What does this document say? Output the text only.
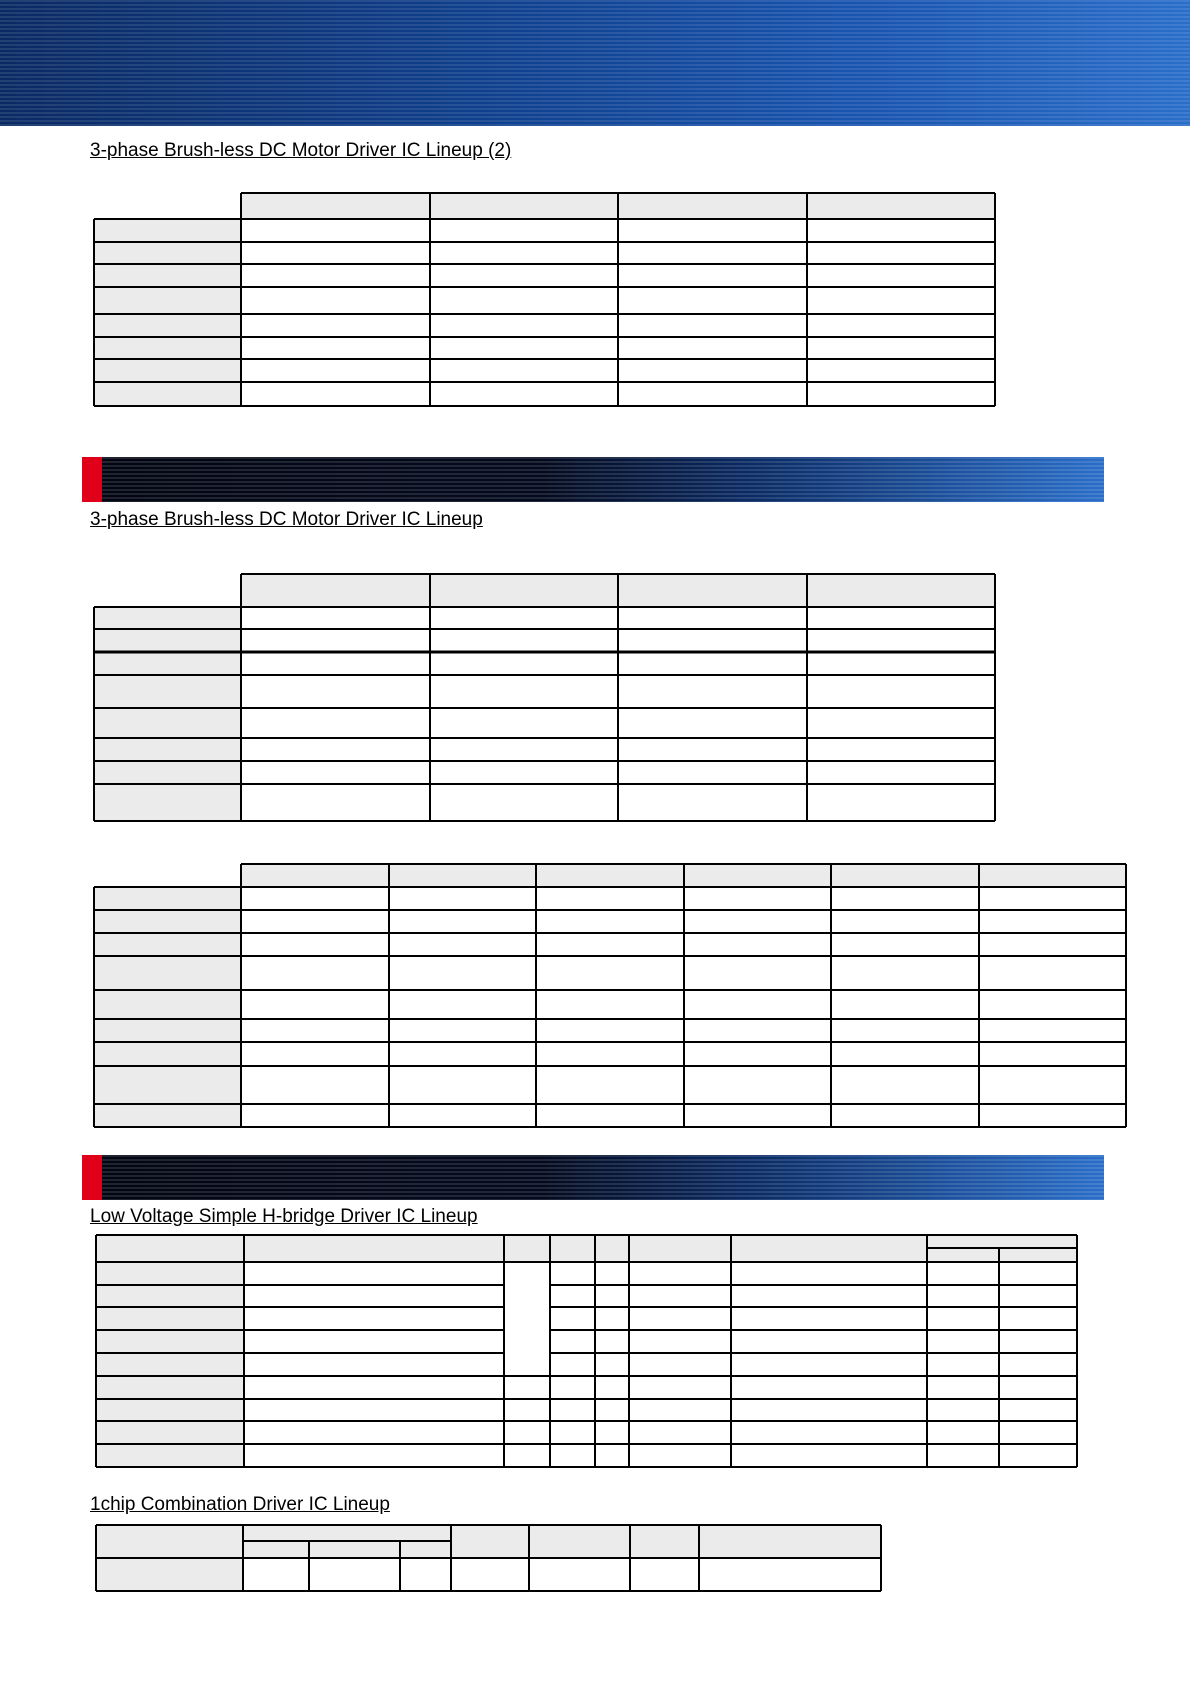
3-phase Brush-less DC Motor Driver IC Lineup (2)
3-phase Brush-less DC Motor Driver IC Lineup
Low Voltage Simple H-bridge Driver IC Lineup
1chip Combination Driver IC Lineup
